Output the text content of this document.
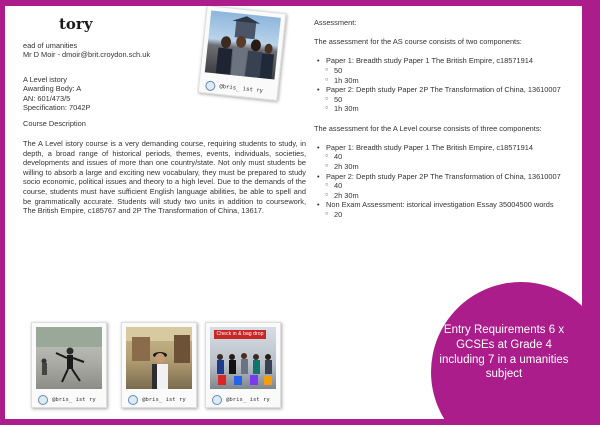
tory
ead of umanities
Mr D Moir - dmoir@brit.croydon.sch.uk
A Level istory
Awarding Body: A
AN: 601/473/5
Specification: 7042P
Course Description
The A Level istory course is a very demanding course, requiring students to study, in depth, a broad range of historical periods, themes, events, individuals, societies, developments and issues of more than one country/state. Not only must students be willing to absorb a large and exciting new vocabulary, they must be prepared to study socio economic, political issues and theory to a high level. Due to the demands of the course, students must have sufficient English language abilities, be able to spell and be grammatically accurate. Students will study two units in addition to coursework, The British Empire, c185767 and 2P The Transformation of China, 13617.

Assessment:

The assessment for the AS course consists of two components:

• Paper 1: Breadth study Paper 1 The British Empire, c18571914
○ 50
○ 1h 30m
• Paper 2: Depth study Paper 2P The Transformation of China, 13610007
○ 50
○ 1h 30m

The assessment for the A Level course consists of three components:

• Paper 1: Breadth study Paper 1 The British Empire, c18571914
○ 40
○ 2h 30m
• Paper 2: Depth study Paper 2P The Transformation of China, 13610007
○ 40
○ 2h 30m
• Non Exam Assessment: istorical investigation Essay 35004500 words
○ 20
@bris_ ist ry
@bris_ ist ry	@bris_ ist ry
Check in & bag drop
@bris_ ist ry
Entry Requirements 6 x GCSEs at Grade 4 including 7 in a umanities subject
